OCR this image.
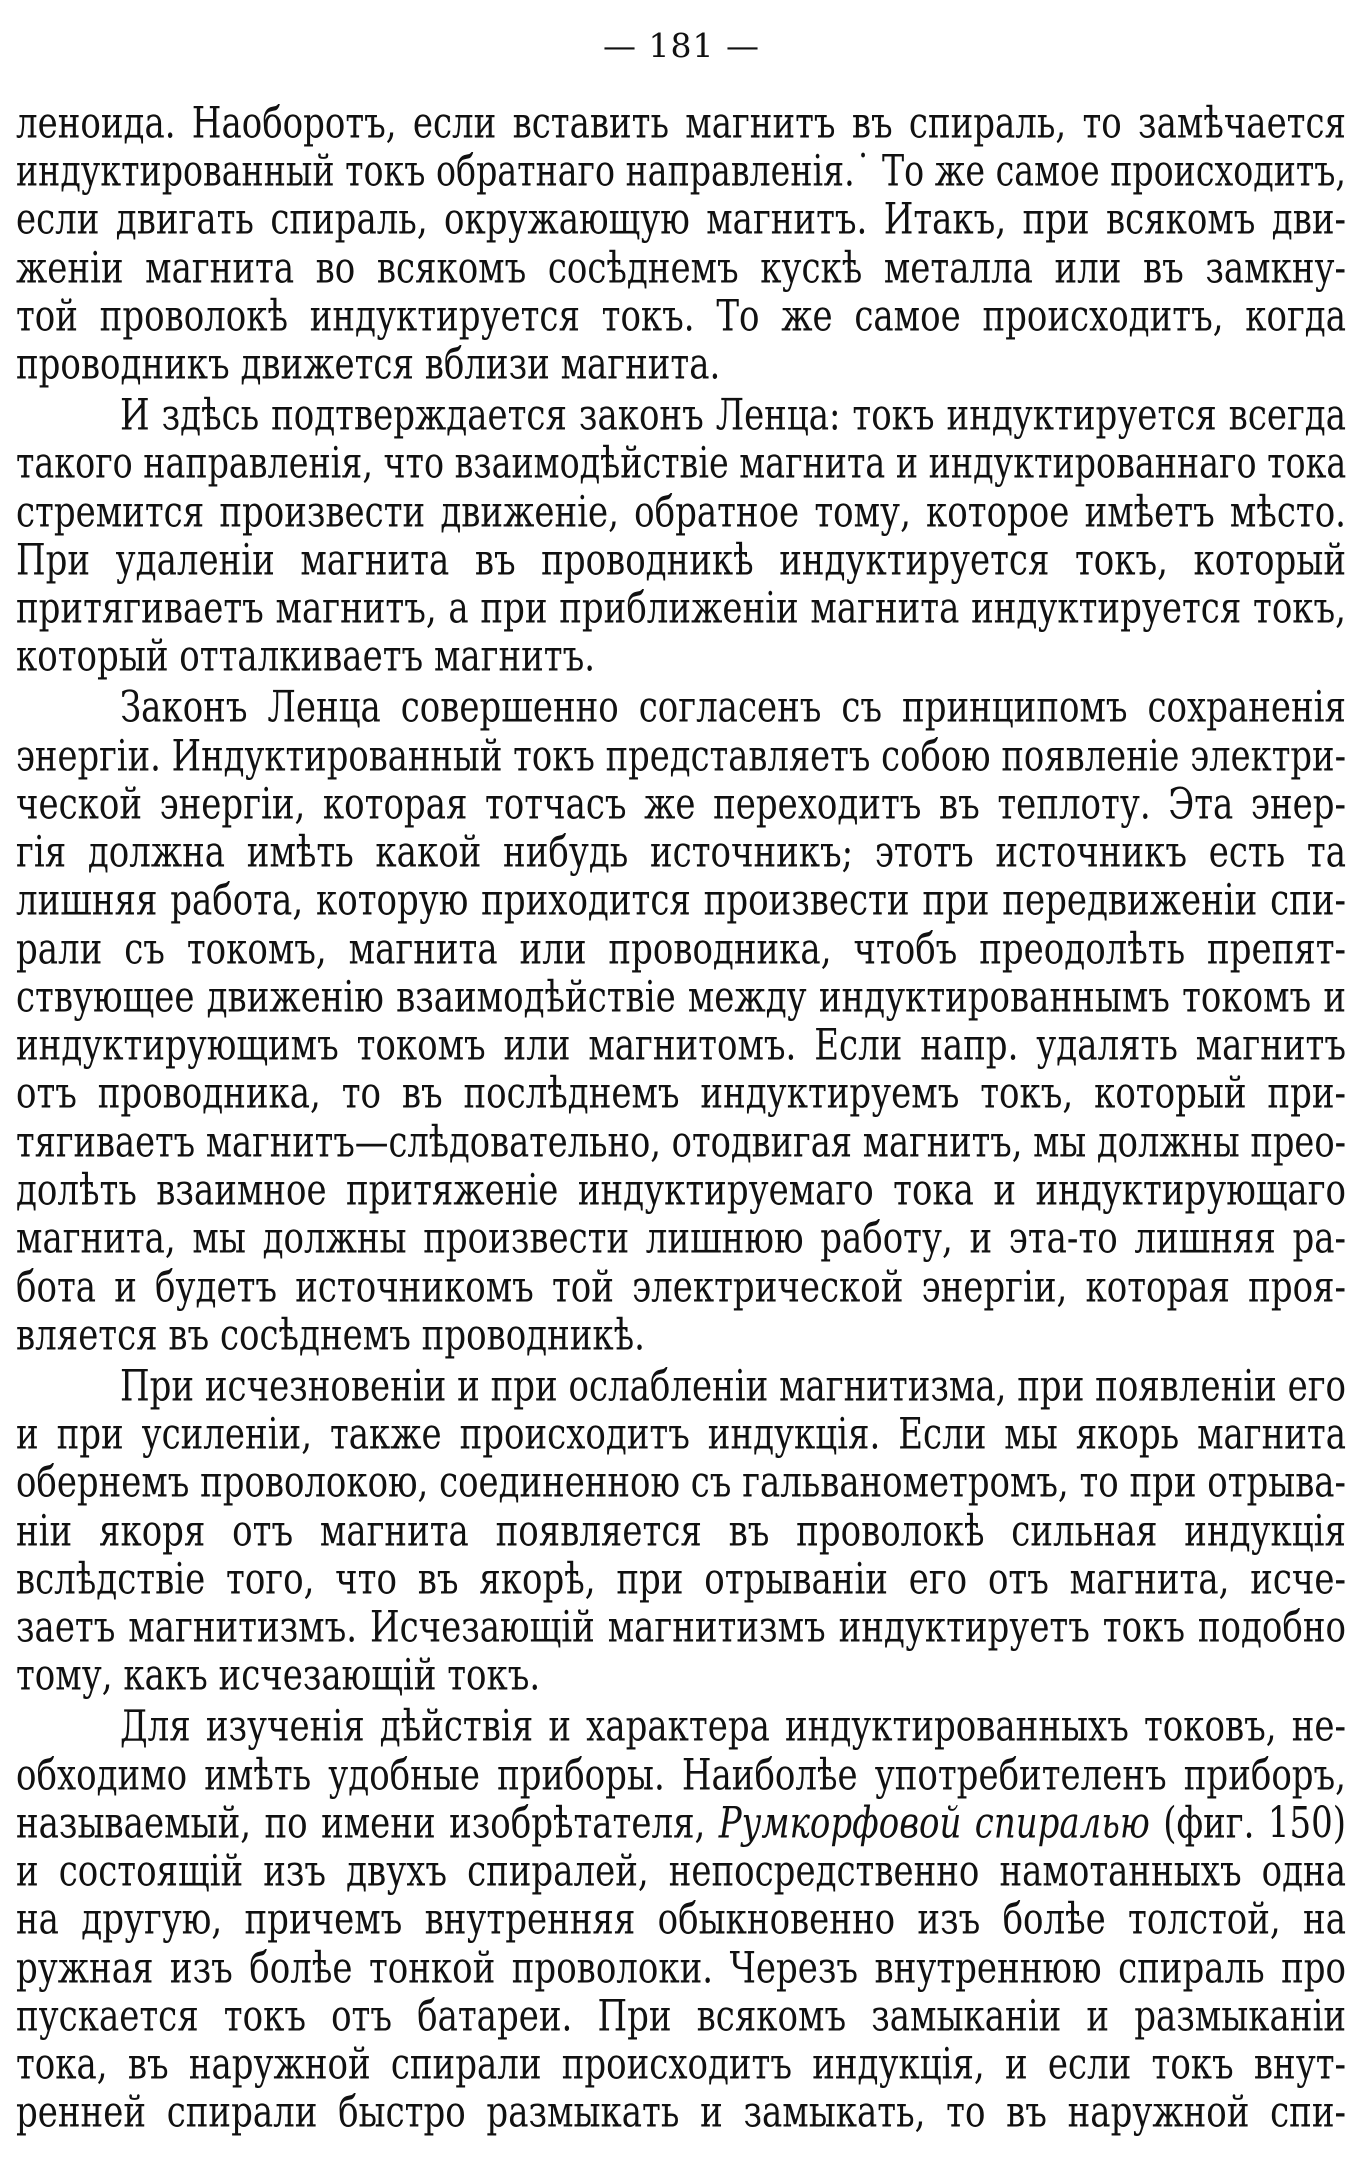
— 181 —
леноида. Наоборотъ, если вставить магнитъ въ спираль, то замѣчается
индуктированный токъ обратнаго направленія.˙ То же самое происходитъ,
если двигать спираль, окружающую магнитъ. Итакъ, при всякомъ дви-
женіи магнита во всякомъ сосѣднемъ кускѣ металла или въ замкну-
той проволокѣ индуктируется токъ. То же самое происходитъ, когда
проводникъ движется вблизи магнита.
И здѣсь подтверждается законъ Ленца: токъ индуктируется всегда
такого направленія, что взаимодѣйствіе магнита и индуктированнаго тока
стремится произвести движеніе, обратное тому, которое имѣетъ мѣсто.
При удаленіи магнита въ проводникѣ индуктируется токъ, который
притягиваетъ магнитъ, а при приближеніи магнита индуктируется токъ,
который отталкиваетъ магнитъ.
Законъ Ленца совершенно согласенъ съ принципомъ сохраненія
энергіи. Индуктированный токъ представляетъ собою появленіе электри-
ческой энергіи, которая тотчасъ же переходитъ въ теплоту. Эта энер-
гія должна имѣть какой нибудь источникъ; этотъ источникъ есть та
лишняя работа, которую приходится произвести при передвиженіи спи-
рали съ токомъ, магнита или проводника, чтобъ преодолѣть препят-
ствующее движенію взаимодѣйствіе между индуктированнымъ токомъ и
индуктирующимъ токомъ или магнитомъ. Если напр. удалять магнитъ
отъ проводника, то въ послѣднемъ индуктируемъ токъ, который при-
тягиваетъ магнитъ—слѣдовательно, отодвигая магнитъ, мы должны прео-
долѣть взаимное притяженіе индуктируемаго тока и индуктирующаго
магнита, мы должны произвести лишнюю работу, и эта-то лишняя ра-
бота и будетъ источникомъ той электрической энергіи, которая проя-
вляется въ сосѣднемъ проводникѣ.
При исчезновеніи и при ослабленіи магнитизма, при появленіи его
и при усиленіи, также происходитъ индукція. Если мы якорь магнита
обернемъ проволокою, соединенною съ гальванометромъ, то при отрыва-
ніи якоря отъ магнита появляется въ проволокѣ сильная индукція
вслѣдствіе того, что въ якорѣ, при отрываніи его отъ магнита, исче-
заетъ магнитизмъ. Исчезающій магнитизмъ индуктируетъ токъ подобно
тому, какъ исчезающій токъ.
Для изученія дѣйствія и характера индуктированныхъ токовъ, не-
обходимо имѣть удобные приборы. Наиболѣе употребителенъ приборъ,
называемый, по имени изобрѣтателя, Румкорфовой спиралью (фиг. 150)
и состоящій изъ двухъ спиралей, непосредственно намотанныхъ одна
на другую, причемъ внутренняя обыкновенно изъ болѣе толстой, на
ружная изъ болѣе тонкой проволоки. Черезъ внутреннюю спираль про
пускается токъ отъ батареи. При всякомъ замыканіи и размыканіи
тока, въ наружной спирали происходитъ индукція, и если токъ внут-
ренней спирали быстро размыкать и замыкать, то въ наружной спи-
